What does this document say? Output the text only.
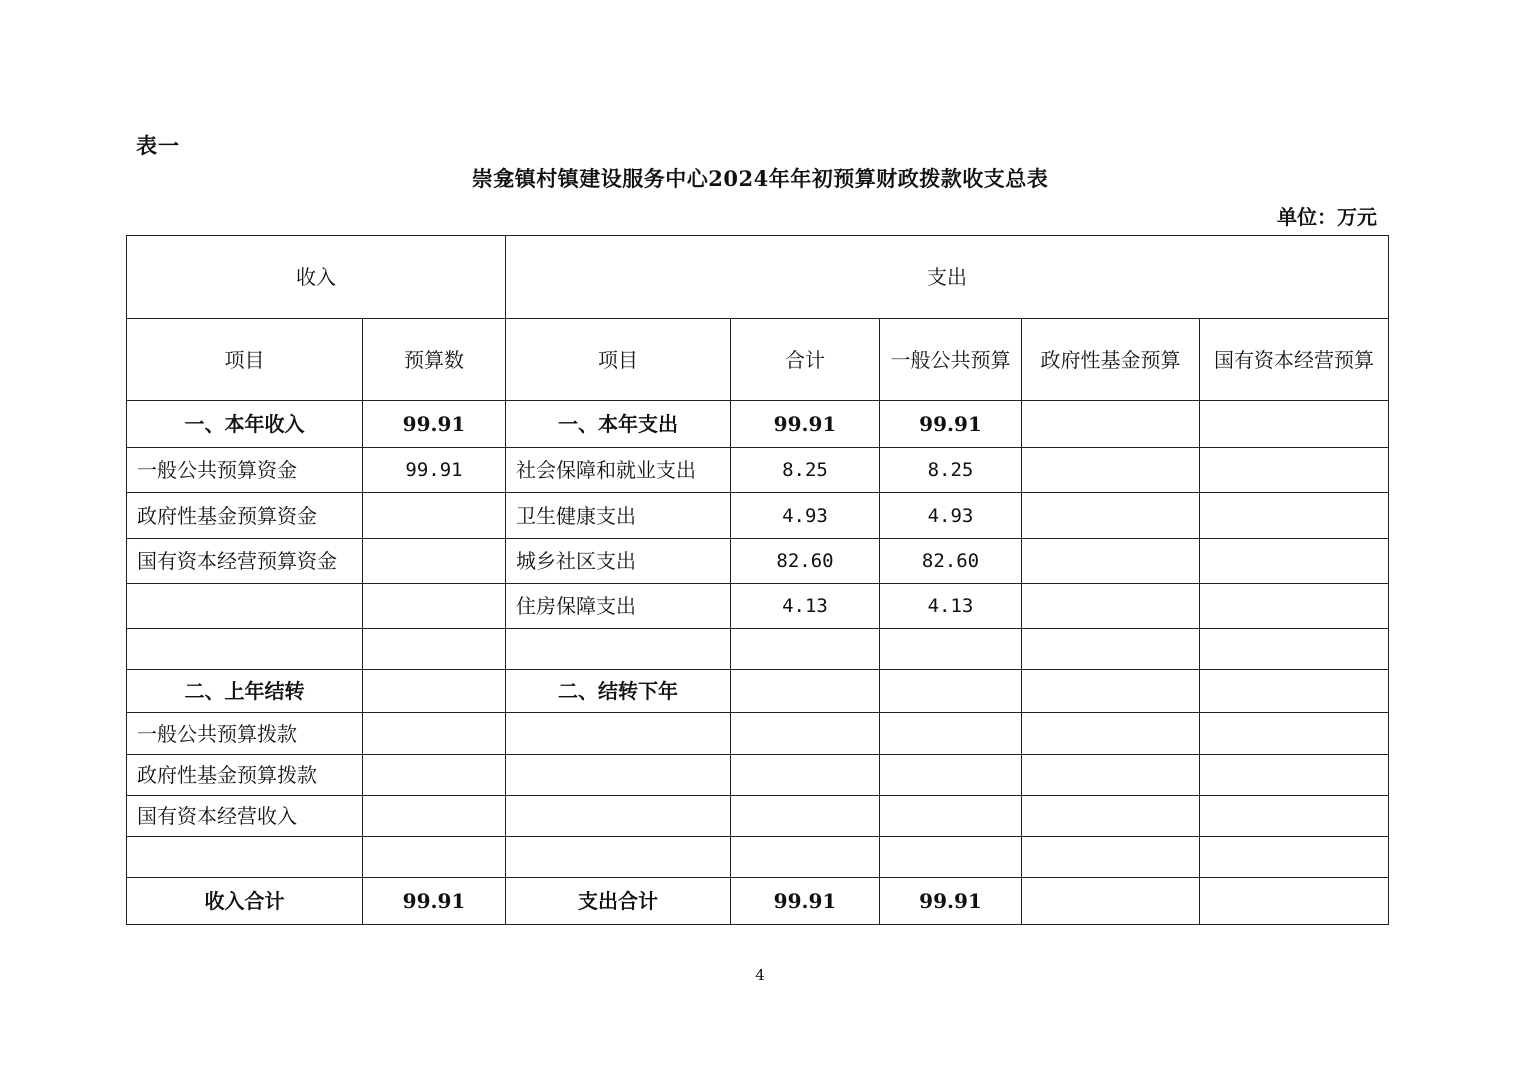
表一
崇龛镇村镇建设服务中心2024年年初预算财政拨款收支总表
单位：万元
收入		支出				
项目	预算数	项目	合计	一般公共预算	政府性基金预算	国有资本经营预算
一、本年收入	99.91	一、本年支出	99.91	99.91		
一般公共预算资金	99.91	社会保障和就业支出	8.25	8.25		
政府性基金预算资金		卫生健康支出	4.93	4.93		
国有资本经营预算资金		城乡社区支出	82.60	82.60		
		住房保障支出	4.13	4.13		

二、上年结转		二、结转下年				
一般公共预算拨款						
政府性基金预算拨款						
国有资本经营收入						

收入合计	99.91	支出合计	99.91	99.91		
4
